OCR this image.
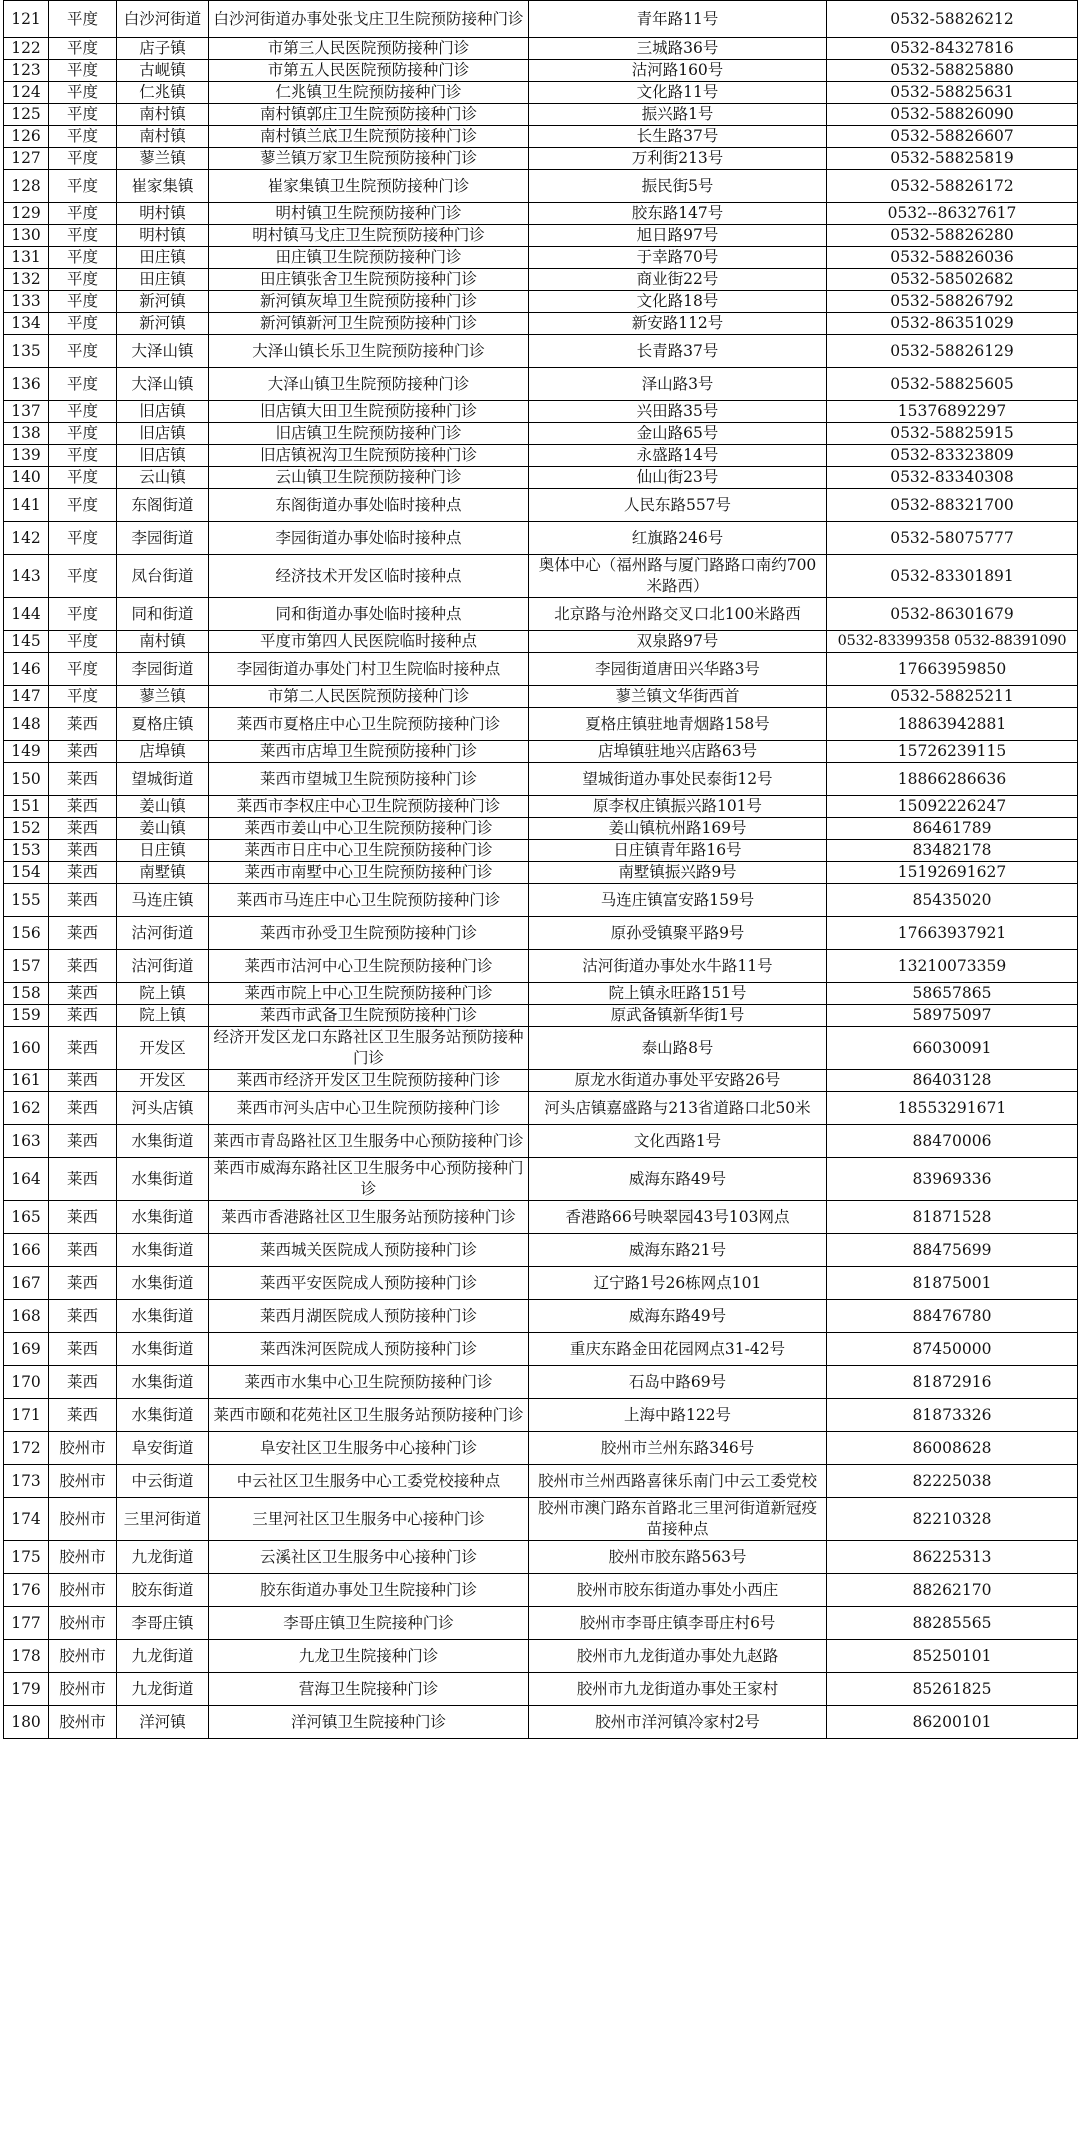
121	平度	白沙河街道	白沙河街道办事处张戈庄卫生院预防接种门诊	青年路11号	0532-58826212
122	平度	店子镇	市第三人民医院预防接种门诊	三城路36号	0532-84327816
123	平度	古岘镇	市第五人民医院预防接种门诊	沽河路160号	0532-58825880
124	平度	仁兆镇	仁兆镇卫生院预防接种门诊	文化路11号	0532-58825631
125	平度	南村镇	南村镇郭庄卫生院预防接种门诊	振兴路1号	0532-58826090
126	平度	南村镇	南村镇兰底卫生院预防接种门诊	长生路37号	0532-58826607
127	平度	蓼兰镇	蓼兰镇万家卫生院预防接种门诊	万利街213号	0532-58825819
128	平度	崔家集镇	崔家集镇卫生院预防接种门诊	振民街5号	0532-58826172
129	平度	明村镇	明村镇卫生院预防接种门诊	胶东路147号	0532--86327617
130	平度	明村镇	明村镇马戈庄卫生院预防接种门诊	旭日路97号	0532-58826280
131	平度	田庄镇	田庄镇卫生院预防接种门诊	于幸路70号	0532-58826036
132	平度	田庄镇	田庄镇张舍卫生院预防接种门诊	商业街22号	0532-58502682
133	平度	新河镇	新河镇灰埠卫生院预防接种门诊	文化路18号	0532-58826792
134	平度	新河镇	新河镇新河卫生院预防接种门诊	新安路112号	0532-86351029
135	平度	大泽山镇	大泽山镇长乐卫生院预防接种门诊	长青路37号	0532-58826129
136	平度	大泽山镇	大泽山镇卫生院预防接种门诊	泽山路3号	0532-58825605
137	平度	旧店镇	旧店镇大田卫生院预防接种门诊	兴田路35号	15376892297
138	平度	旧店镇	旧店镇卫生院预防接种门诊	金山路65号	0532-58825915
139	平度	旧店镇	旧店镇祝沟卫生院预防接种门诊	永盛路14号	0532-83323809
140	平度	云山镇	云山镇卫生院预防接种门诊	仙山街23号	0532-83340308
141	平度	东阁街道	东阁街道办事处临时接种点	人民东路557号	0532-88321700
142	平度	李园街道	李园街道办事处临时接种点	红旗路246号	0532-58075777
143	平度	凤台街道	经济技术开发区临时接种点	奥体中心（福州路与厦门路路口南约700米路西）	0532-83301891
144	平度	同和街道	同和街道办事处临时接种点	北京路与沧州路交叉口北100米路西	0532-86301679
145	平度	南村镇	平度市第四人民医院临时接种点	双泉路97号	0532-83399358 0532-88391090
146	平度	李园街道	李园街道办事处门村卫生院临时接种点	李园街道唐田兴华路3号	17663959850
147	平度	蓼兰镇	市第二人民医院预防接种门诊	蓼兰镇文华街西首	0532-58825211
148	莱西	夏格庄镇	莱西市夏格庄中心卫生院预防接种门诊	夏格庄镇驻地青烟路158号	18863942881
149	莱西	店埠镇	莱西市店埠卫生院预防接种门诊	店埠镇驻地兴店路63号	15726239115
150	莱西	望城街道	莱西市望城卫生院预防接种门诊	望城街道办事处民泰街12号	18866286636
151	莱西	姜山镇	莱西市李权庄中心卫生院预防接种门诊	原李权庄镇振兴路101号	15092226247
152	莱西	姜山镇	莱西市姜山中心卫生院预防接种门诊	姜山镇杭州路169号	86461789
153	莱西	日庄镇	莱西市日庄中心卫生院预防接种门诊	日庄镇青年路16号	83482178
154	莱西	南墅镇	莱西市南墅中心卫生院预防接种门诊	南墅镇振兴路9号	15192691627
155	莱西	马连庄镇	莱西市马连庄中心卫生院预防接种门诊	马连庄镇富安路159号	85435020
156	莱西	沽河街道	莱西市孙受卫生院预防接种门诊	原孙受镇聚平路9号	17663937921
157	莱西	沽河街道	莱西市沽河中心卫生院预防接种门诊	沽河街道办事处水牛路11号	13210073359
158	莱西	院上镇	莱西市院上中心卫生院预防接种门诊	院上镇永旺路151号	58657865
159	莱西	院上镇	莱西市武备卫生院预防接种门诊	原武备镇新华街1号	58975097
160	莱西	开发区	经济开发区龙口东路社区卫生服务站预防接种门诊	泰山路8号	66030091
161	莱西	开发区	莱西市经济开发区卫生院预防接种门诊	原龙水街道办事处平安路26号	86403128
162	莱西	河头店镇	莱西市河头店中心卫生院预防接种门诊	河头店镇嘉盛路与213省道路口北50米	18553291671
163	莱西	水集街道	莱西市青岛路社区卫生服务中心预防接种门诊	文化西路1号	88470006
164	莱西	水集街道	莱西市威海东路社区卫生服务中心预防接种门诊	威海东路49号	83969336
165	莱西	水集街道	莱西市香港路社区卫生服务站预防接种门诊	香港路66号映翠园43号103网点	81871528
166	莱西	水集街道	莱西城关医院成人预防接种门诊	威海东路21号	88475699
167	莱西	水集街道	莱西平安医院成人预防接种门诊	辽宁路1号26栋网点101	81875001
168	莱西	水集街道	莱西月湖医院成人预防接种门诊	威海东路49号	88476780
169	莱西	水集街道	莱西洙河医院成人预防接种门诊	重庆东路金田花园网点31-42号	87450000
170	莱西	水集街道	莱西市水集中心卫生院预防接种门诊	石岛中路69号	81872916
171	莱西	水集街道	莱西市颐和花苑社区卫生服务站预防接种门诊	上海中路122号	81873326
172	胶州市	阜安街道	阜安社区卫生服务中心接种门诊	胶州市兰州东路346号	86008628
173	胶州市	中云街道	中云社区卫生服务中心工委党校接种点	胶州市兰州西路喜徕乐南门中云工委党校	82225038
174	胶州市	三里河街道	三里河社区卫生服务中心接种门诊	胶州市澳门路东首路北三里河街道新冠疫苗接种点	82210328
175	胶州市	九龙街道	云溪社区卫生服务中心接种门诊	胶州市胶东路563号	86225313
176	胶州市	胶东街道	胶东街道办事处卫生院接种门诊	胶州市胶东街道办事处小西庄	88262170
177	胶州市	李哥庄镇	李哥庄镇卫生院接种门诊	胶州市李哥庄镇李哥庄村6号	88285565
178	胶州市	九龙街道	九龙卫生院接种门诊	胶州市九龙街道办事处九赵路	85250101
179	胶州市	九龙街道	营海卫生院接种门诊	胶州市九龙街道办事处王家村	85261825
180	胶州市	洋河镇	洋河镇卫生院接种门诊	胶州市洋河镇冷家村2号	86200101
